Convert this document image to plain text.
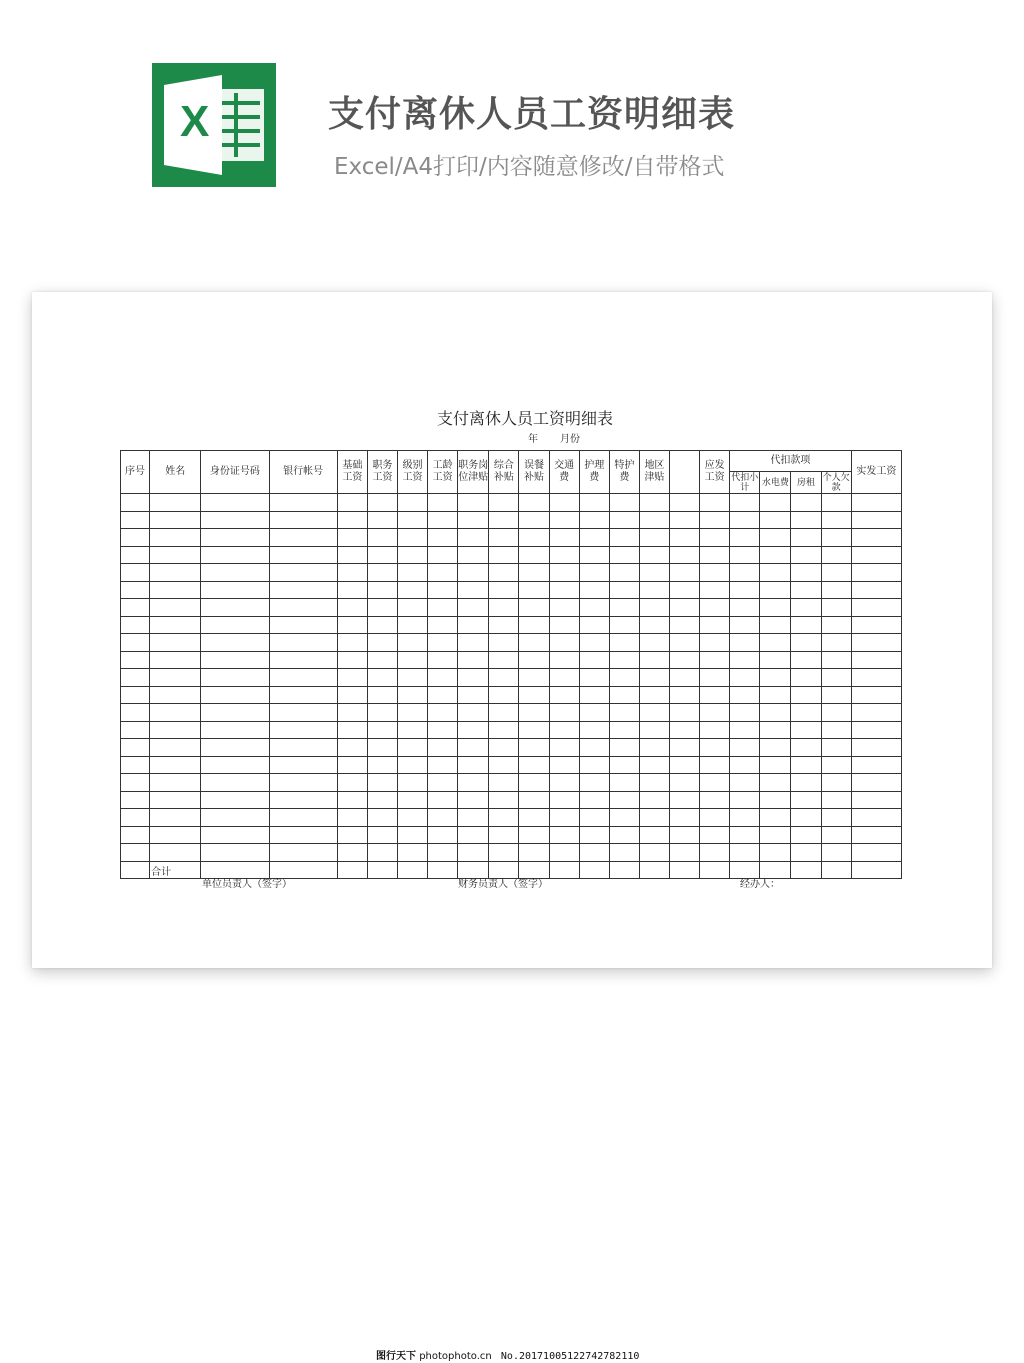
X	支付离休人员工资明细表
Excel/A4打印/内容随意修改/自带格式
支付离休人员工资明细表
年 月份
序号	姓名	身份证号码	银行帐号	基础工资	职务工资	级别工资	工龄工资	职务岗位津贴	综合补贴	误餐补贴	交通费	护理费	特护费	地区津贴		应发工资	代扣款项				实发工资
																	代扣小计	水电费	房租	个人欠款	

	合计																				
单位员责人（签字）	财务员责人（签字）	经办人：
图行天下 photophoto.cn No.20171005122742782110
